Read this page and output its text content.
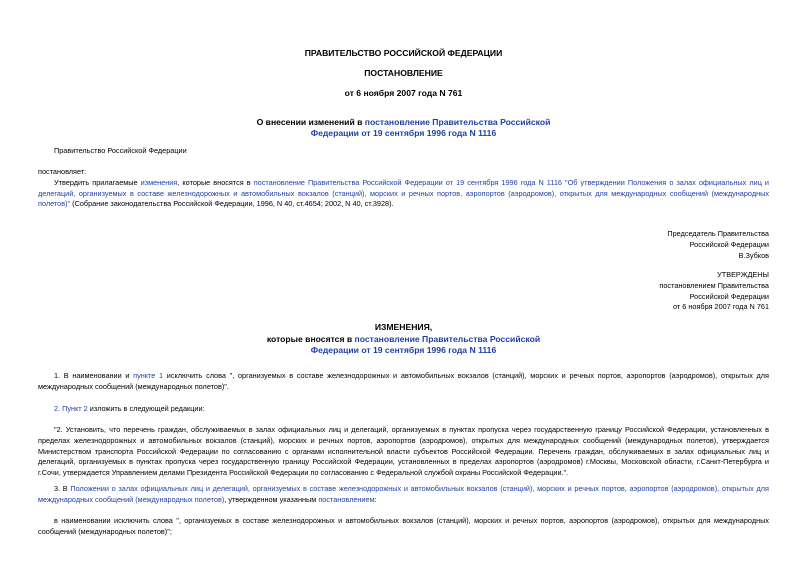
ПРАВИТЕЛЬСТВО РОССИЙСКОЙ ФЕДЕРАЦИИ
ПОСТАНОВЛЕНИЕ
от 6 ноября 2007 года N 761
О внесении изменений в постановление Правительства Российской
Федерации от 19 сентября 1996 года N 1116
Правительство Российской Федерации
постановляет:
Утвердить прилагаемые изменения, которые вносятся в постановление Правительства Российской Федерации от 19 сентября 1996 года N 1116 "Об утверждении Положения о залах официальных лиц и делегаций, организуемых в составе железнодорожных и автомобильных вокзалов (станций), морских и речных портов, аэропортов (аэродромов), открытых для международных сообщений (международных полетов)" (Собрание законодательства Российской Федерации, 1996, N 40, ст.4654; 2002, N 40, ст.3928).
Председатель Правительства
Российской Федерации
В.Зубков
УТВЕРЖДЕНЫ
постановлением Правительства
Российской Федерации
от 6 ноября 2007 года N 761
ИЗМЕНЕНИЯ,
которые вносятся в постановление Правительства Российской
Федерации от 19 сентября 1996 года N 1116
1. В наименовании и пункте 1 исключить слова ", организуемых в составе железнодорожных и автомобильных вокзалов (станций), морских и речных портов, аэропортов (аэродромов), открытых для международных сообщений (международных полетов)".
2. Пункт 2 изложить в следующей редакции:
"2. Установить, что перечень граждан, обслуживаемых в залах официальных лиц и делегаций, организуемых в пунктах пропуска через государственную границу Российской Федерации, установленных в пределах железнодорожных и автомобильных вокзалов (станций), морских и речных портов, аэропортов (аэродромов), открытых для международных сообщений (международных полетов), утверждается Министерством транспорта Российской Федерации по согласованию с органами исполнительной власти субъектов Российской Федерации. Перечень граждан, обслуживаемых в залах официальных лиц и делегаций, организуемых в пунктах пропуска через государственную границу Российской Федерации, установленных в пределах аэропортов (аэродромов) г.Москвы, Московской области, г.Санкт-Петербурга и г.Сочи, утверждается Управлением делами Президента Российской Федерации по согласованию с Федеральной службой охраны Российской Федерации.".
3. В Положении о залах официальных лиц и делегаций, организуемых в составе железнодорожных и автомобильных вокзалов (станций), морских и речных портов, аэропортов (аэродромов), открытых для международных сообщений (международных полетов), утвержденном указанным постановлением:
в наименовании исключить слова ", организуемых в составе железнодорожных и автомобильных вокзалов (станций), морских и речных портов, аэропортов (аэродромов), открытых для международных сообщений (международных полетов)";
